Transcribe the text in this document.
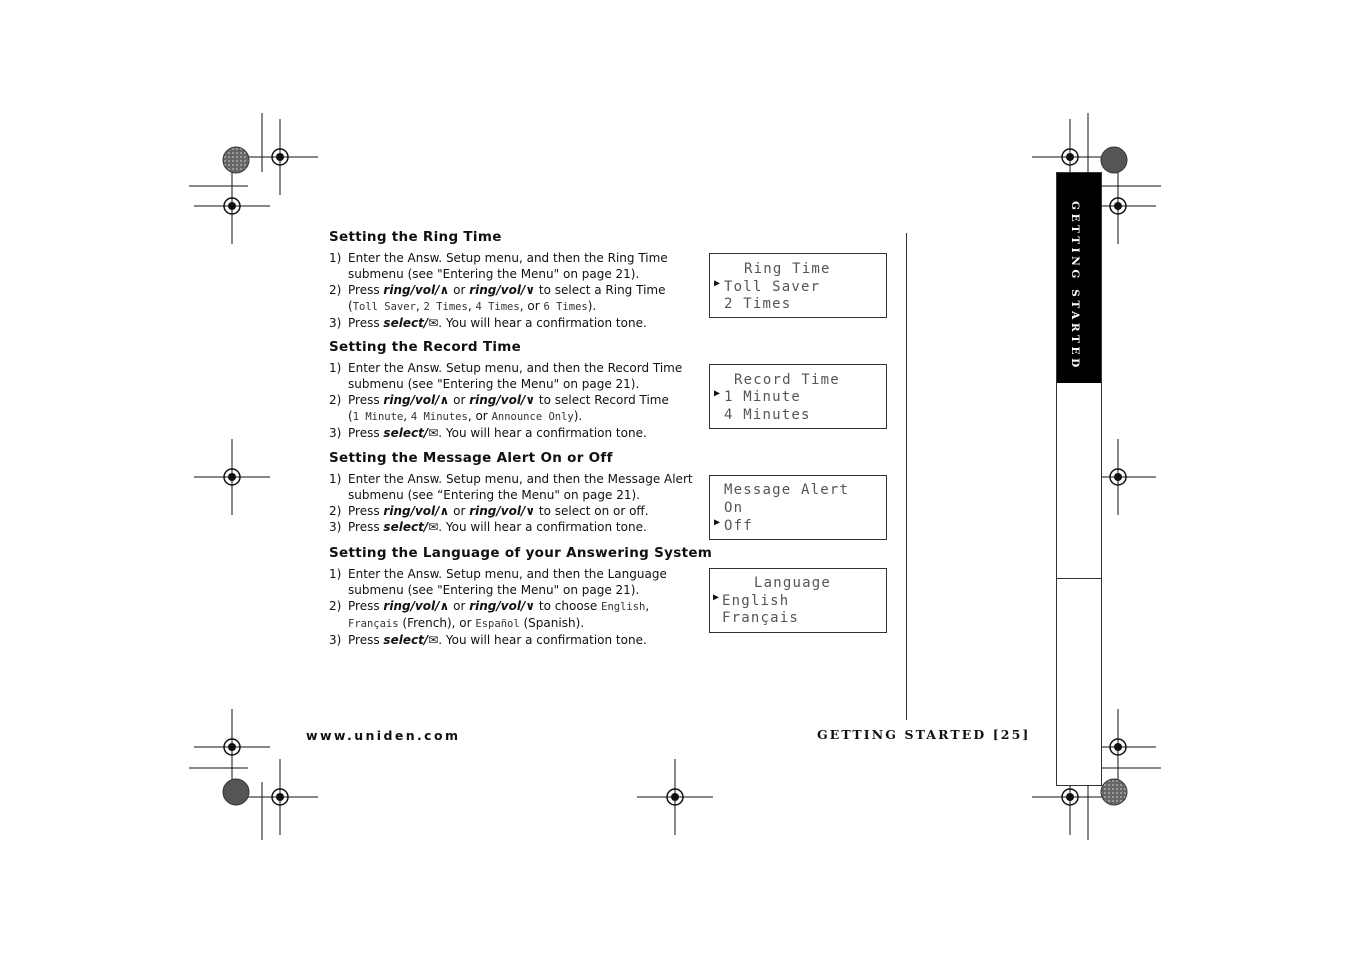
Setting the Ring Time
1) Enter the Answ. Setup menu, and then the Ring Time
submenu (see "Entering the Menu" on page 21).
2) Press ring/vol/∧ or ring/vol/∨ to select a Ring Time
(Toll Saver, 2 Times, 4 Times, or 6 Times).
3) Press select/✉. You will hear a confirmation tone.
Ring Time
▶ Toll Saver
2 Times
Setting the Record Time
1) Enter the Answ. Setup menu, and then the Record Time
submenu (see "Entering the Menu" on page 21).
2) Press ring/vol/∧ or ring/vol/∨ to select Record Time
(1 Minute, 4 Minutes, or Announce Only).
3) Press select/✉. You will hear a confirmation tone.
Record Time
▶ 1 Minute
4 Minutes
Setting the Message Alert On or Off
1) Enter the Answ. Setup menu, and then the Message Alert
submenu (see “Entering the Menu" on page 21).
2) Press ring/vol/∧ or ring/vol/∨ to select on or off.
3) Press select/✉. You will hear a confirmation tone.
Message Alert
On
▶ Off
Setting the Language of your Answering System
1) Enter the Answ. Setup menu, and then the Language
submenu (see "Entering the Menu" on page 21).
2) Press ring/vol/∧ or ring/vol/∨ to choose English,
Français (French), or Español (Spanish).
3) Press select/✉. You will hear a confirmation tone.
Language
▶ English
Français
GETTING STARTED
www.uniden.com	GETTING STARTED [25]
